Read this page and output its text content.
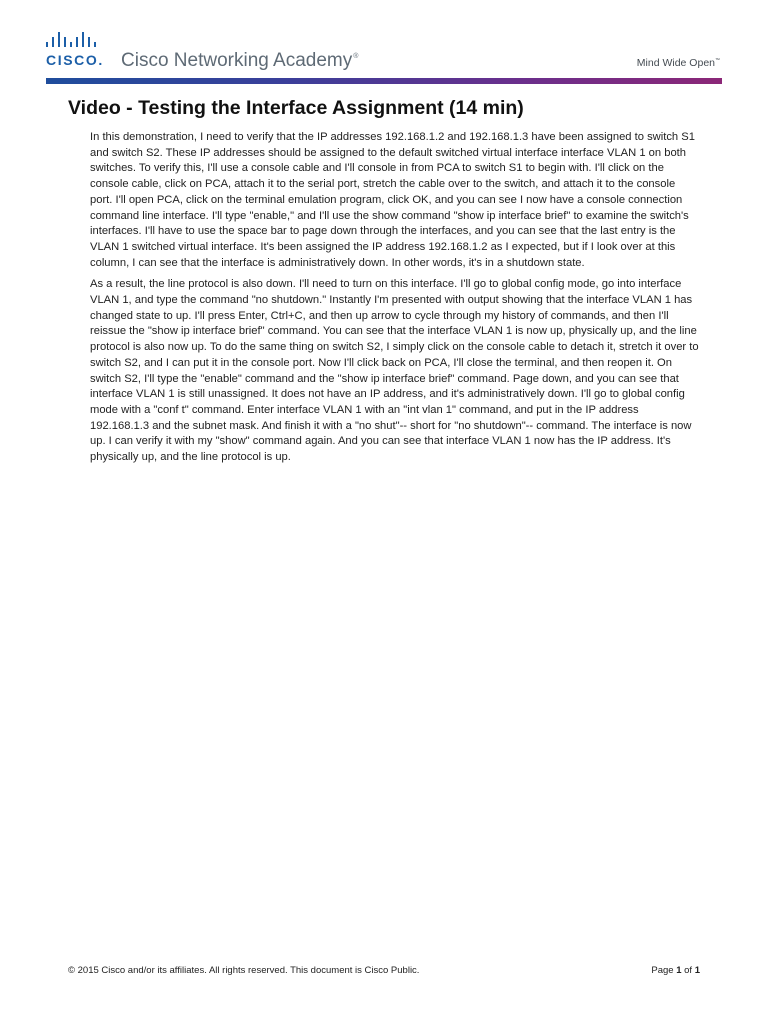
CISCO. Cisco Networking Academy®
Mind Wide Open™
Video - Testing the Interface Assignment (14 min)

In this demonstration, I need to verify that the IP addresses 192.168.1.2 and 192.168.1.3 have been assigned to switch S1 and switch S2. These IP addresses should be assigned to the default switched virtual interface interface VLAN 1 on both switches. To verify this, I'll use a console cable and I'll console in from PCA to switch S1 to begin with. I'll click on the console cable, click on PCA, attach it to the serial port, stretch the cable over to the switch, and attach it to the console port. I'll open PCA, click on the terminal emulation program, click OK, and you can see I now have a console connection command line interface. I'll type "enable," and I'll use the show command "show ip interface brief" to examine the switch's interfaces. I'll have to use the space bar to page down through the interfaces, and you can see that the last entry is the VLAN 1 switched virtual interface. It's been assigned the IP address 192.168.1.2 as I expected, but if I look over at this column, I can see that the interface is administratively down. In other words, it's in a shutdown state.

As a result, the line protocol is also down. I'll need to turn on this interface. I'll go to global config mode, go into interface VLAN 1, and type the command "no shutdown." Instantly I'm presented with output showing that the interface VLAN 1 has changed state to up. I'll press Enter, Ctrl+C, and then up arrow to cycle through my history of commands, and then I'll reissue the "show ip interface brief" command. You can see that the interface VLAN 1 is now up, physically up, and the line protocol is also now up. To do the same thing on switch S2, I simply click on the console cable to detach it, stretch it over to switch S2, and I can put it in the console port. Now I'll click back on PCA, I'll close the terminal, and then reopen it. On switch S2, I'll type the "enable" command and the "show ip interface brief" command. Page down, and you can see that interface VLAN 1 is still unassigned. It does not have an IP address, and it's administratively down. I'll go to global config mode with a "conf t" command. Enter interface VLAN 1 with an "int vlan 1" command, and put in the IP address 192.168.1.3 and the subnet mask. And finish it with a "no shut"-- short for "no shutdown"-- command. The interface is now up. I can verify it with my "show" command again. And you can see that interface VLAN 1 now has the IP address. It's physically up, and the line protocol is up.

© 2015 Cisco and/or its affiliates. All rights reserved. This document is Cisco Public.	Page 1 of 1
